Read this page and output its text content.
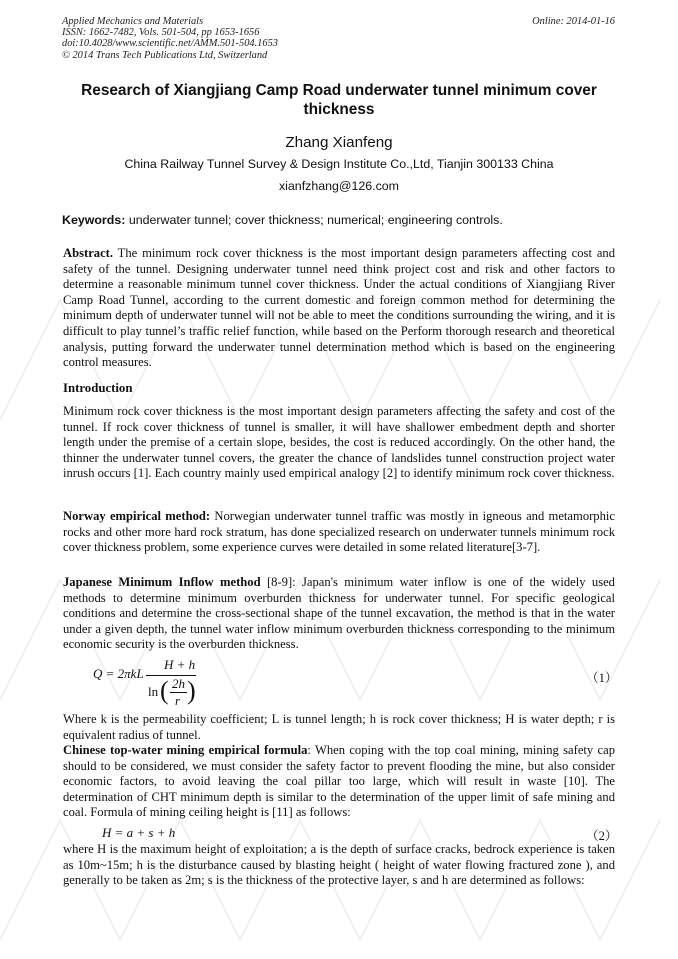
Applied Mechanics and Materials
ISSN: 1662-7482, Vols. 501-504, pp 1653-1656
doi:10.4028/www.scientific.net/AMM.501-504.1653
© 2014 Trans Tech Publications Ltd, Switzerland
Online: 2014-01-16
Research of Xiangjiang Camp Road underwater tunnel minimum cover thickness
Zhang Xianfeng
China Railway Tunnel Survey & Design Institute Co.,Ltd, Tianjin 300133 China
xianfzhang@126.com
Keywords: underwater tunnel; cover thickness; numerical; engineering controls.

Abstract. The minimum rock cover thickness is the most important design parameters affecting cost and safety of the tunnel. Designing underwater tunnel need think project cost and risk and other factors to determine a reasonable minimum tunnel cover thickness. Under the actual conditions of Xiangjiang River Camp Road Tunnel, according to the current domestic and foreign common method for determining the minimum depth of underwater tunnel will not be able to meet the conditions surrounding the wiring, and it is difficult to play tunnel’s traffic relief function, while based on the Perform thorough research and theoretical analysis, putting forward the underwater tunnel determination method which is based on the engineering control measures.

Introduction

Minimum rock cover thickness is the most important design parameters affecting the safety and cost of the tunnel. If rock cover thickness of tunnel is smaller, it will have shallower embedment depth and shorter length under the premise of a certain slope, besides, the cost is reduced accordingly. On the other hand, the thinner the underwater tunnel covers, the greater the chance of landslides tunnel construction project water inrush occurs [1]. Each country mainly used empirical analogy [2] to identify minimum rock cover thickness.

Norway empirical method: Norwegian underwater tunnel traffic was mostly in igneous and metamorphic rocks and other more hard rock stratum, has done specialized research on underwater tunnels minimum rock cover thickness problem, some experience curves were detailed in some related literature[3-7].

Japanese Minimum Inflow method [8-9]: Japan's minimum water inflow is one of the widely used methods to determine minimum overburden thickness for underwater tunnel. For specific geological conditions and determine the cross-sectional shape of the tunnel excavation, the method is that in the water under a given depth, the tunnel water inflow minimum overburden thickness corresponding to the minimum economic security is the overburden thickness.

Q = 2πkL
H + h
ln ( 2h
r )	（1）

Where k is the permeability coefficient; L is tunnel length; h is rock cover thickness; H is water depth; r is equivalent radius of tunnel.

Chinese top-water mining empirical formula: When coping with the top coal mining, mining safety cap should to be considered, we must consider the safety factor to prevent flooding the mine, but also consider economic factors, to avoid leaving the coal pillar too large, which will result in waste [10]. The determination of CHT minimum depth is similar to the determination of the upper limit of safe mining and coal. Formula of mining ceiling height is [11] as follows:

H = a + s + h	（2）

where H is the maximum height of exploitation; a is the depth of surface cracks, bedrock experience is taken as 10m~15m; h is the disturbance caused by blasting height ( height of water flowing fractured zone ), and generally to be taken as 2m; s is the thickness of the protective layer, s and h are determined as follows:
